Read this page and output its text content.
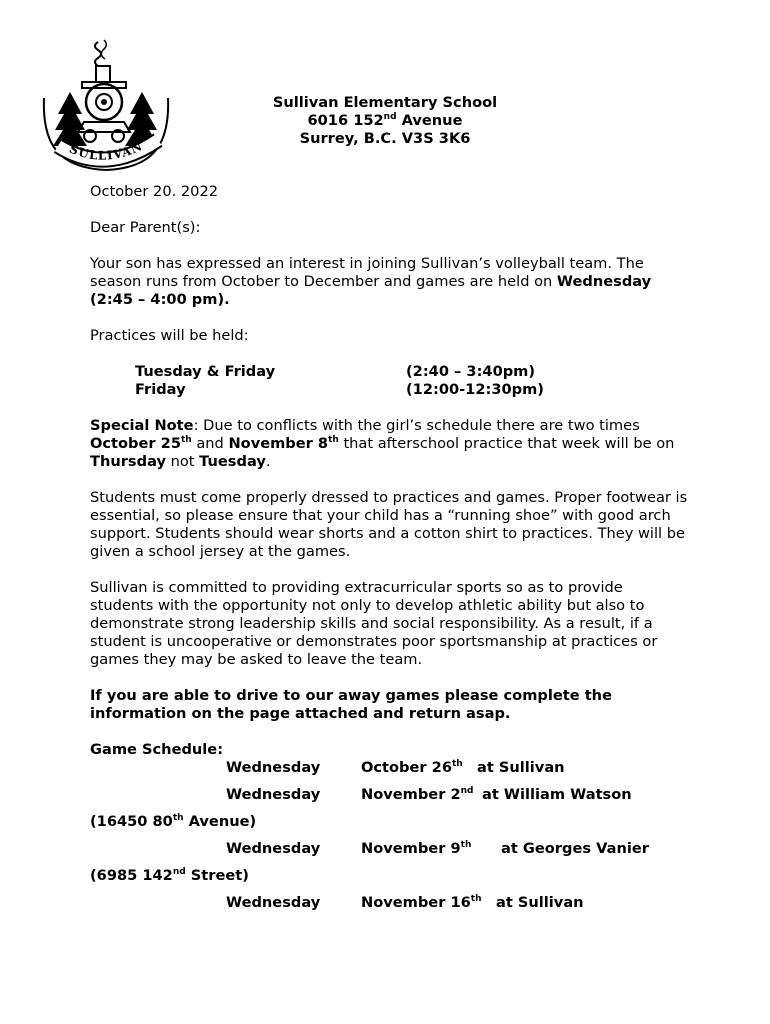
SULLIVAN
Sullivan Elementary School
6016 152nd Avenue
Surrey, B.C. V3S 3K6

October 20. 2022

Dear Parent(s):

Your son has expressed an interest in joining Sullivan’s volleyball team. The season runs from October to December and games are held on Wednesday (2:45 – 4:00 pm).

Practices will be held:

Tuesday & Friday	(2:40 – 3:40pm)
Friday	(12:00-12:30pm)

Special Note: Due to conflicts with the girl’s schedule there are two times October 25th and November 8th that afterschool practice that week will be on Thursday not Tuesday.

Students must come properly dressed to practices and games. Proper footwear is essential, so please ensure that your child has a “running shoe” with good arch support. Students should wear shorts and a cotton shirt to practices. They will be given a school jersey at the games.

Sullivan is committed to providing extracurricular sports so as to provide students with the opportunity not only to develop athletic ability but also to demonstrate strong leadership skills and social responsibility. As a result, if a student is uncooperative or demonstrates poor sportsmanship at practices or games they may be asked to leave the team.

If you are able to drive to our away games please complete the information on the page attached and return asap.

Game Schedule:

Wednesday	October 26th at Sullivan
Wednesday	November 2nd at William Watson
(16450 80th Avenue)
Wednesday	November 9th at Georges Vanier
(6985 142nd Street)
Wednesday	November 16th at Sullivan
